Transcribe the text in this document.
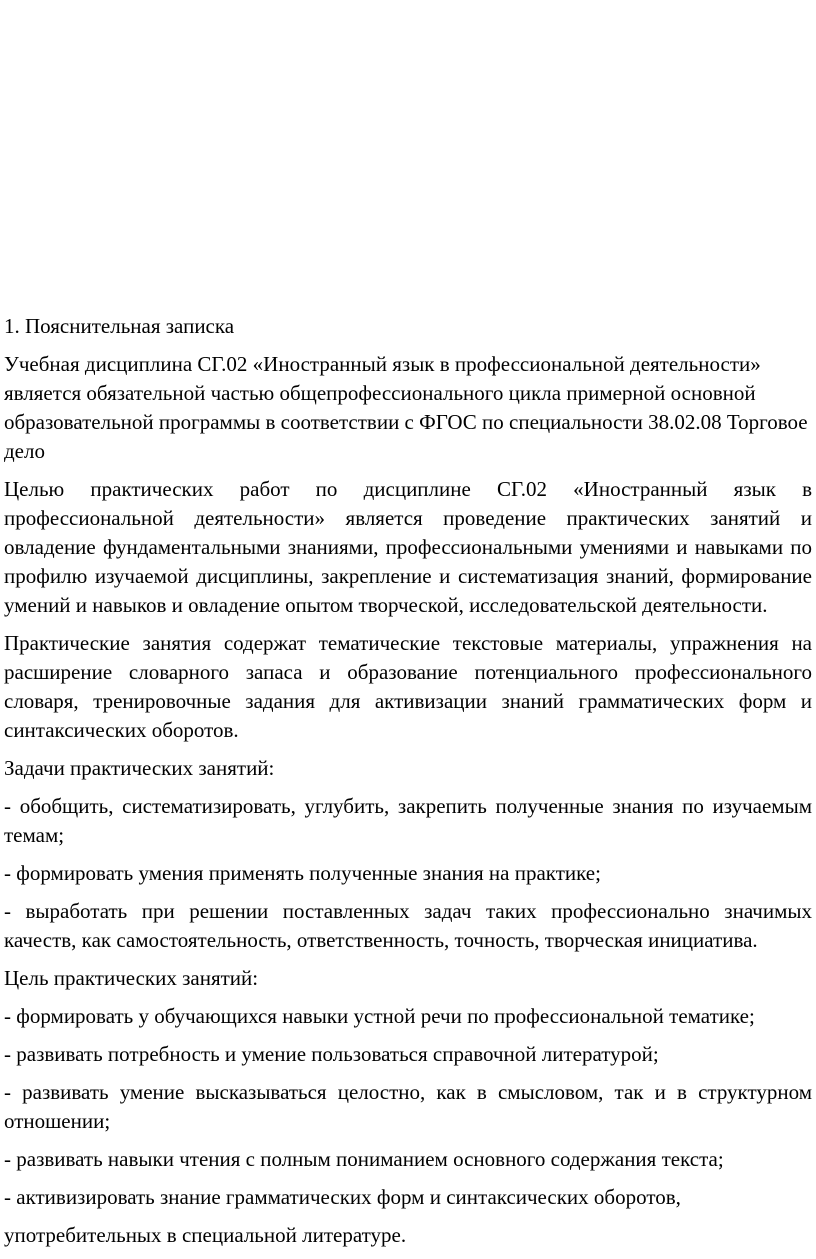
1. Пояснительная записка

Учебная дисциплина СГ.02 «Иностранный язык в профессиональной деятельности» является обязательной частью общепрофессионального цикла примерной основной образовательной программы в соответствии с ФГОС по специальности 38.02.08 Торговое дело

Целью практических работ по дисциплине СГ.02 «Иностранный язык в профессиональной деятельности» является проведение практических занятий и овладение фундаментальными знаниями, профессиональными умениями и навыками по профилю изучаемой дисциплины, закрепление и систематизация знаний, формирование умений и навыков и овладение опытом творческой, исследовательской деятельности.

Практические занятия содержат тематические текстовые материалы, упражнения на расширение словарного запаса и образование потенциального профессионального словаря, тренировочные задания для активизации знаний грамматических форм и синтаксических оборотов.

Задачи практических занятий:

- обобщить, систематизировать, углубить, закрепить полученные знания по изучаемым темам;

- формировать умения применять полученные знания на практике;

- выработать при решении поставленных задач таких профессионально значимых качеств, как самостоятельность, ответственность, точность, творческая инициатива.

Цель практических занятий:

- формировать у обучающихся навыки устной речи по профессиональной тематике;

- развивать потребность и умение пользоваться справочной литературой;

- развивать умение высказываться целостно, как в смысловом, так и в структурном отношении;

- развивать навыки чтения с полным пониманием основного содержания текста;

- активизировать знание грамматических форм и синтаксических оборотов,

употребительных в специальной литературе.
